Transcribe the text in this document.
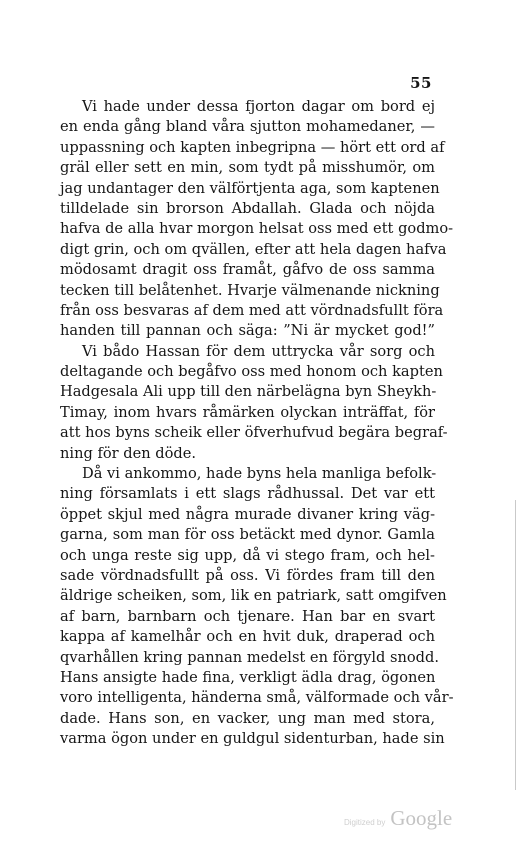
55
Vi hade under dessa fjorton dagar om bord ej
en enda gång bland våra sjutton mohamedaner, —
uppassning och kapten inbegripna — hört ett ord af
gräl eller sett en min, som tydt på misshumör, om
jag undantager den välförtjenta aga, som kaptenen
tilldelade sin brorson Abdallah. Glada och nöjda
hafva de alla hvar morgon helsat oss med ett godmo-
digt grin, och om qvällen, efter att hela dagen hafva
mödosamt dragit oss framåt, gåfvo de oss samma
tecken till belåtenhet. Hvarje välmenande nickning
från oss besvaras af dem med att vördnadsfullt föra
handen till pannan och säga: ”Ni är mycket god!”
Vi bådo Hassan för dem uttrycka vår sorg och
deltagande och begåfvo oss med honom och kapten
Hadgesala Ali upp till den närbelägna byn Sheykh-
Timay, inom hvars råmärken olyckan inträffat, för
att hos byns scheik eller öfverhufvud begära begraf-
ning för den döde.
Då vi ankommo, hade byns hela manliga befolk-
ning församlats i ett slags rådhussal. Det var ett
öppet skjul med några murade divaner kring väg-
garna, som man för oss betäckt med dynor. Gamla
och unga reste sig upp, då vi stego fram, och hel-
sade vördnadsfullt på oss. Vi fördes fram till den
äldrige scheiken, som, lik en patriark, satt omgifven
af barn, barnbarn och tjenare. Han bar en svart
kappa af kamelhår och en hvit duk, draperad och
qvarhållen kring pannan medelst en förgyld snodd.
Hans ansigte hade fina, verkligt ädla drag, ögonen
voro intelligenta, händerna små, välformade och vår-
dade. Hans son, en vacker, ung man med stora,
varma ögon under en guldgul sidenturban, hade sin
Digitized by Google
